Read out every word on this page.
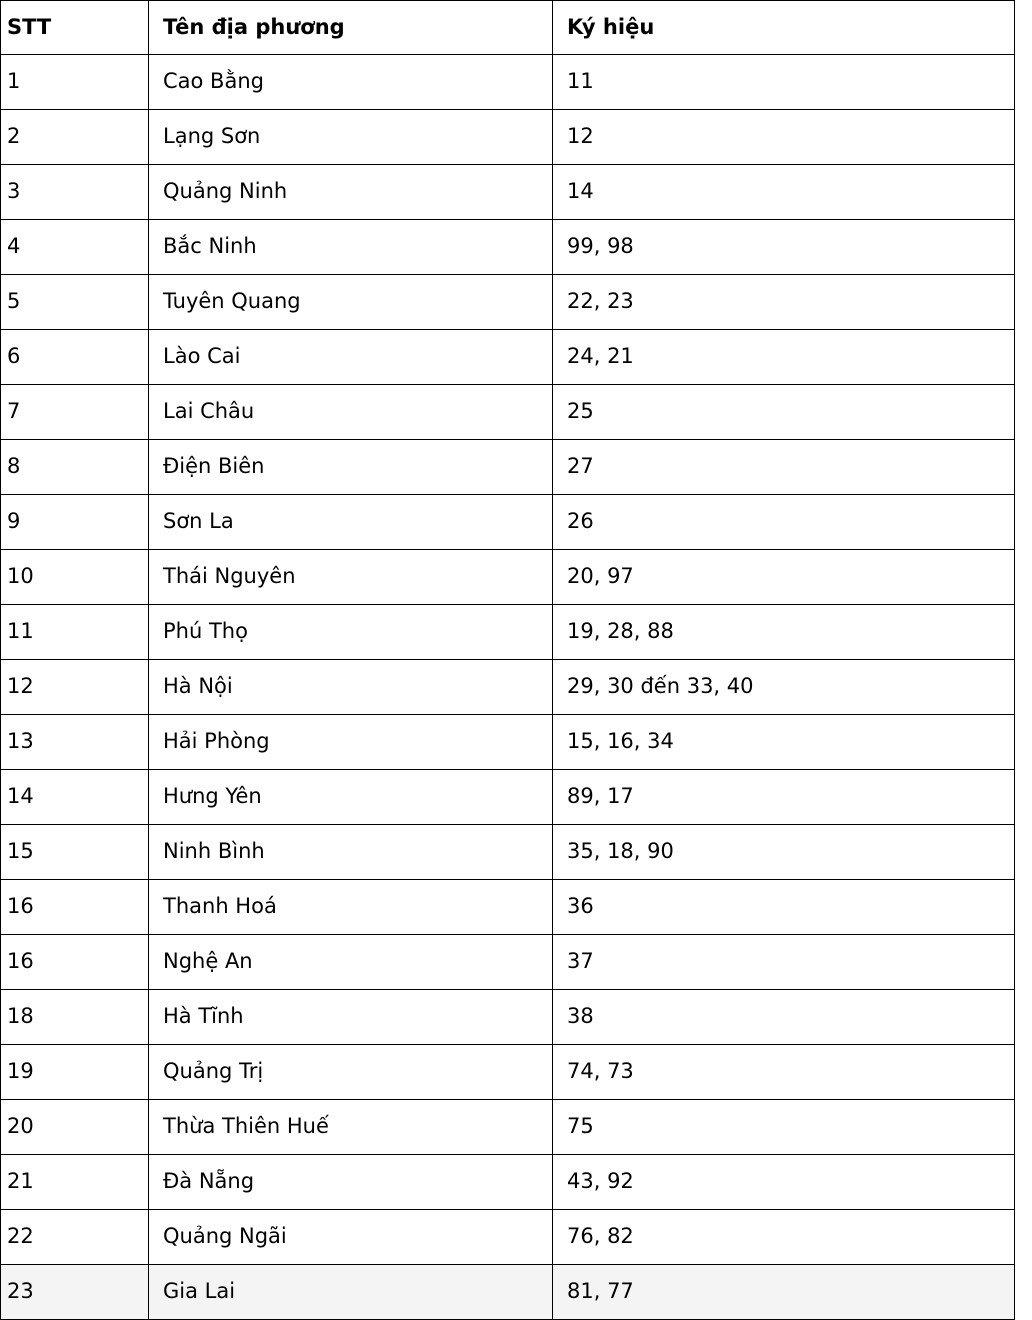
STT	Tên địa phương	Ký hiệu
1	Cao Bằng	11
2	Lạng Sơn	12
3	Quảng Ninh	14
4	Bắc Ninh	99, 98
5	Tuyên Quang	22, 23
6	Lào Cai	24, 21
7	Lai Châu	25
8	Điện Biên	27
9	Sơn La	26
10	Thái Nguyên	20, 97
11	Phú Thọ	19, 28, 88
12	Hà Nội	29, 30 đến 33, 40
13	Hải Phòng	15, 16, 34
14	Hưng Yên	89, 17
15	Ninh Bình	35, 18, 90
16	Thanh Hoá	36
16	Nghệ An	37
18	Hà Tĩnh	38
19	Quảng Trị	74, 73
20	Thừa Thiên Huế	75
21	Đà Nẵng	43, 92
22	Quảng Ngãi	76, 82
23	Gia Lai	81, 77
